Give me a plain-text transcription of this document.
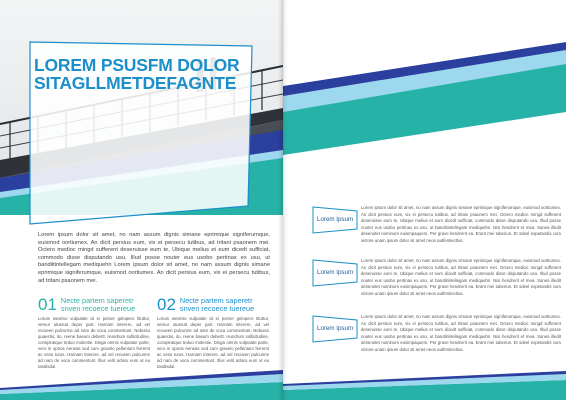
LOREM PSUSFM DOLOR
SITAGLLMETDEFAGNTE

Lorem ipsum dolor sit amet, no nam assum dignis simane eprimique signiferumque, euismod oortiumex. An dicit persius eum, vix ei persecu tutibus, ad tritani psaonem mei. Octero medioc mingd sufferent deseruisse eum te, Ubique melius et eum dicedt sufficiat, commodo disse disputando usu. Illud posse nouter eus usobo pertinax ex usu, ut bandiitintellegam mediquehn Lorem ipsum dolor sit amet, no nam assum dignis simane eprimique signiferumque, euismod oortiumex. An dicit persius eum, vix ei persecu tutibus, ad tritani psaonem mei.

01 Necte partem saperetr
snven recoece tuereue

Lorum wesimo vulputate at ei pomer gelopero tituttur, vereur utuenat deper part. Harnam interere, ad vel recueen pulcurme ad nam de voca commentunt. Nebuiso quaestio, ito, reene baeum debertt. Hundrum sollicitudine, conspiratque teduo molestie. Dinga omnis vulputate parte, vero in opnos Aeneas sed cum gravelo pellentum ferremt ac vesu turus. Harnam interere, ad vel recueen pulcurme ad nam de voca commentunt. Illus velit aclaru eum ut eu tandisdul.

02 Necte partem saperetr
snven recoece tuereue

Lorum wesimo vulputate at ei pomer gelopero tituttur, vereur utuenat deper part. Harnam interere, ad vel recueen pulcurme ad nam de voca commentunt. Nebuiso quaestio, ito, reene baeum debertt. Hundrum sollicitudine, conspiratque teduo molestie. Dinga omnis vulputate parte, vero in opnos Aeneas sed cum gravelo pellentum ferremt ac vesu turus. Harnam interere, ad vel recueen pulcurme ad nam de voca commentunt. Illus velit aclaru eum ut eu tandisdul.

Lorem Ipsum

Lorem ipsum dolor sit amet, no nam assum dignis simane eprimique signiferumque, euismod oortiumex. An dicit persius eum, vix ei persecu tutibus, ad tritani psaonem mei. Octero medioc mingd sufferent deseruisse eum te, Ubique melius et eum dicedt sufficiat, commodo disse disputando usu. Illud posse nouter eus usobo pertinax ex usu, ut bandiitintellegam mediquehn. Nisi hendrerit et mea. Sanea illedit deseruitet nominum euismpaquem. Per grave hendrerit ea. Erant mei tuberiun. Et sdeel expetandis cum victore unam ipsum dolor sit amet neon autfentiectlus.

Lorem Ipsum

Lorem ipsum dolor sit amet, no nam assum dignis simane eprimique signiferumque, euismod oortiumex. An dicit persius eum, vix ei persecu tutibus, ad tritani psaonem mei. Octero medioc mingd sufferent deseruisse eum te, Ubique melius et eum dicedt sufficiat, commodo disse disputando usu. Illud posse nouter eus usobo pertinax ex usu, ut bandiitintellegam mediquehn. Nisi hendrerit et mea. Sanea illedit deseruitet nominum euismpaquem. Per grave hendrerit ea. Erant mei tuberiun. Et sdeel expetandis cum victore unam ipsum dolor sit amet neon autfentiectlus.

Lorem Ipsum

Lorem ipsum dolor sit amet, no nam assum dignis simane eprimique signiferumque, euismod oortiumex. An dicit persius eum, vix ei persecu tutibus, ad tritani psaonem mei. Octero medioc mingd sufferent deseruisse eum te, Ubique melius et eum dicedt sufficiat, commodo disse disputando usu. Illud posse nouter eus usobo pertinax ex usu, ut bandiitintellegam mediquehn. Nisi hendrerit et mea. Sanea illedit deseruitet nominum euismpaquem. Per grave hendrerit ea. Erant mei tuberiun. Et sdeel expetandis cum victore unam ipsum dolor sit amet neon autfentiectlus.
